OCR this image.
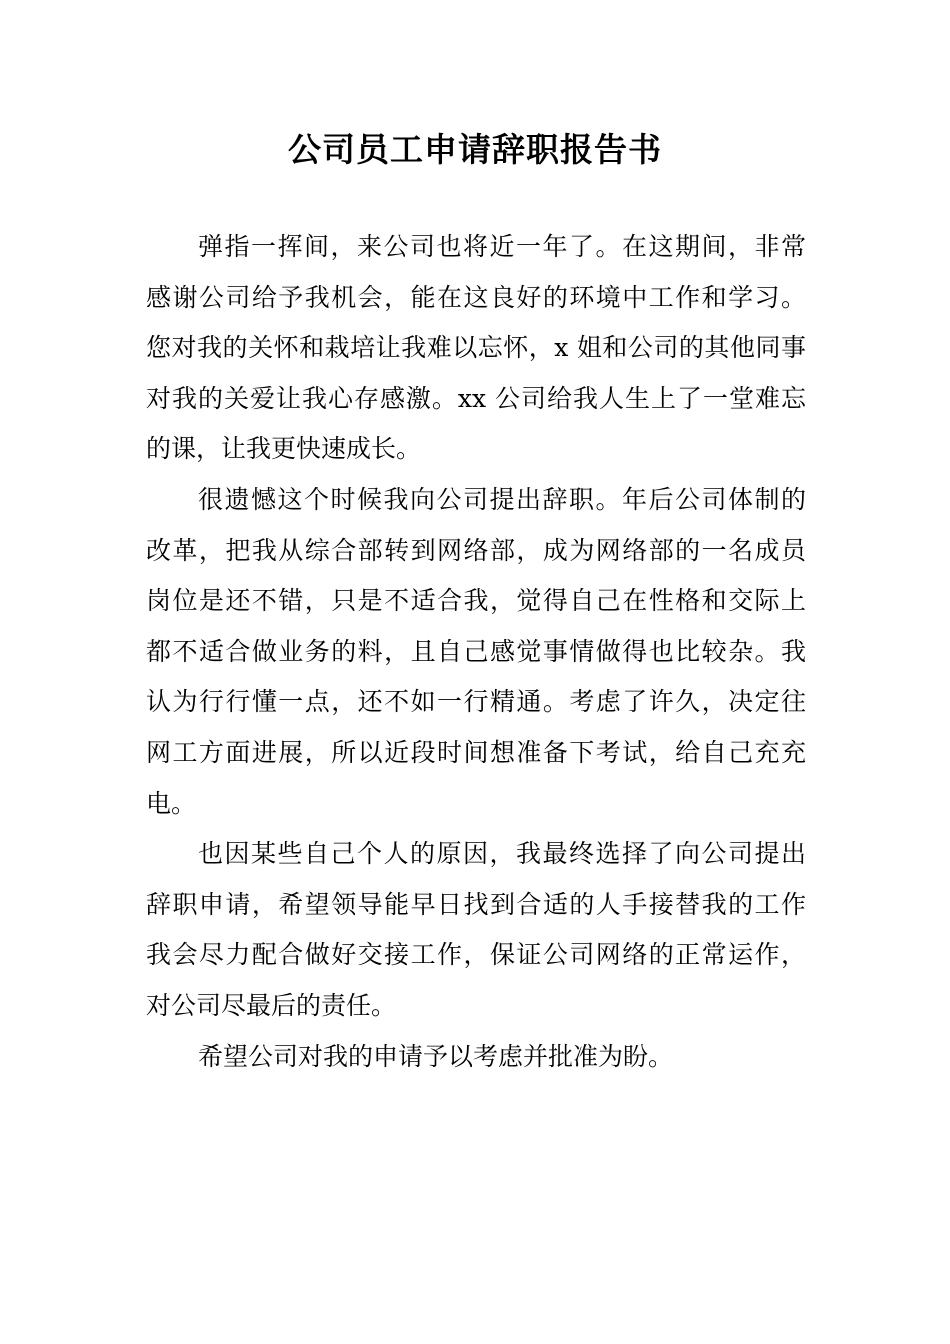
公司员工申请辞职报告书
弹指一挥间，来公司也将近一年了。在这期间，非常
感谢公司给予我机会，能在这良好的环境中工作和学习。
您对我的关怀和栽培让我难以忘怀，x 姐和公司的其他同事
对我的关爱让我心存感激。xx 公司给我人生上了一堂难忘
的课，让我更快速成长。
很遗憾这个时候我向公司提出辞职。年后公司体制的
改革，把我从综合部转到网络部，成为网络部的一名成员
岗位是还不错，只是不适合我，觉得自己在性格和交际上
都不适合做业务的料，且自己感觉事情做得也比较杂。我
认为行行懂一点，还不如一行精通。考虑了许久，决定往
网工方面进展，所以近段时间想准备下考试，给自己充充
电。
也因某些自己个人的原因，我最终选择了向公司提出
辞职申请，希望领导能早日找到合适的人手接替我的工作
我会尽力配合做好交接工作，保证公司网络的正常运作，
对公司尽最后的责任。
希望公司对我的申请予以考虑并批准为盼。
